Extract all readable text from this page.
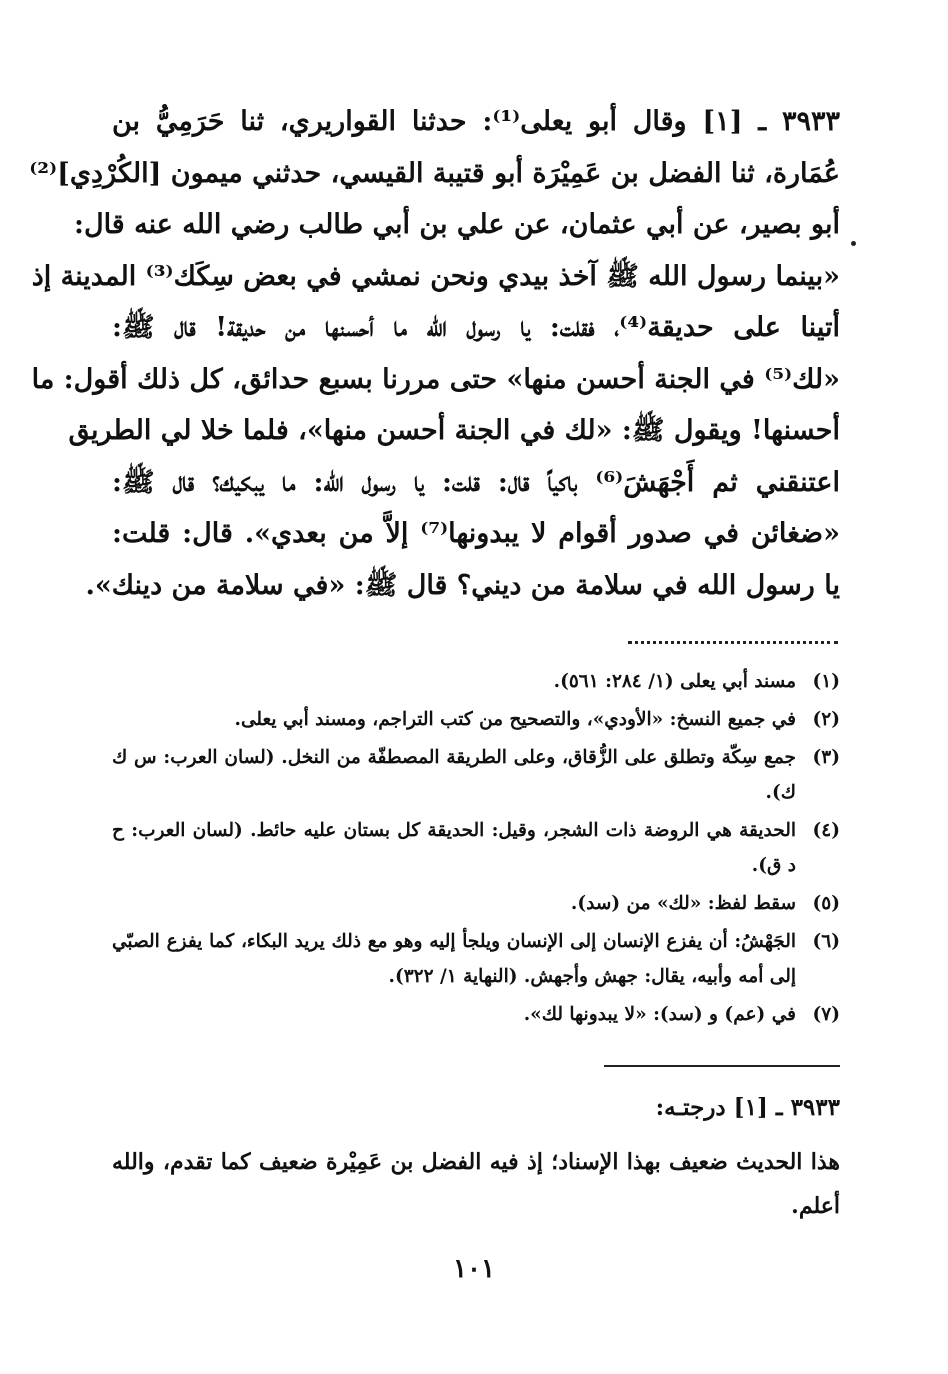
٣٩٣٣ ـ [١] وقال أبو يعلى⁽¹⁾: حدثنا القواريري، ثنا حَرَمِيُّ بن
عُمَارة، ثنا الفضل بن عَمِيْرَة أبو قتيبة القيسي، حدثني ميمون [الكُرْدِي]⁽²⁾
أبو بصير، عن أبي عثمان، عن علي بن أبي طالب رضي الله عنه قال:
«بينما رسول الله ﷺ آخذ بيدي ونحن نمشي في بعض سِكَك⁽³⁾ المدينة إذ
أتينا على حديقة⁽⁴⁾، فقلت: يا رسول الله ما أحسنها من حديقة! قال ﷺ:
«لك⁽⁵⁾ في الجنة أحسن منها» حتى مررنا بسبع حدائق، كل ذلك أقول: ما
أحسنها! ويقول ﷺ: «لك في الجنة أحسن منها»، فلما خلا لي الطريق
اعتنقني ثم أَجْهَشَ⁽⁶⁾ باكياً قال: قلت: يا رسول الله: ما يبكيك؟ قال ﷺ:
«ضغائن في صدور أقوام لا يبدونها⁽⁷⁾ إلاَّ من بعدي». قال: قلت:
يا رسول الله في سلامة من ديني؟ قال ﷺ: «في سلامة من دينك».
(١)
مسند أبي يعلى (١/ ٢٨٤: ٥٦١).
(٢)
في جميع النسخ: «الأودي»، والتصحيح من كتب التراجم، ومسند أبي يعلى.
(٣)
جمع سِكّة وتطلق على الزُّقاق، وعلى الطريقة المصطفّة من النخل. (لسان العرب: س ك ك).
(٤)
الحديقة هي الروضة ذات الشجر، وقيل: الحديقة كل بستان عليه حائط. (لسان العرب: ح د ق).
(٥)
سقط لفظ: «لك» من (سد).
(٦)
الجَهْشُ: أن يفزع الإنسان إلى الإنسان ويلجأ إليه وهو مع ذلك يريد البكاء، كما يفزع الصبّي إلى أمه وأبيه، يقال: جهش وأجهش. (النهاية ١/ ٣٢٢).
(٧)
في (عم) و (سد): «لا يبدونها لك».
٣٩٣٣ ـ [١] درجتـه:
هذا الحديث ضعيف بهذا الإسناد؛ إذ فيه الفضل بن عَمِيْرة ضعيف كما تقدم، والله أعلم.
١٠١
